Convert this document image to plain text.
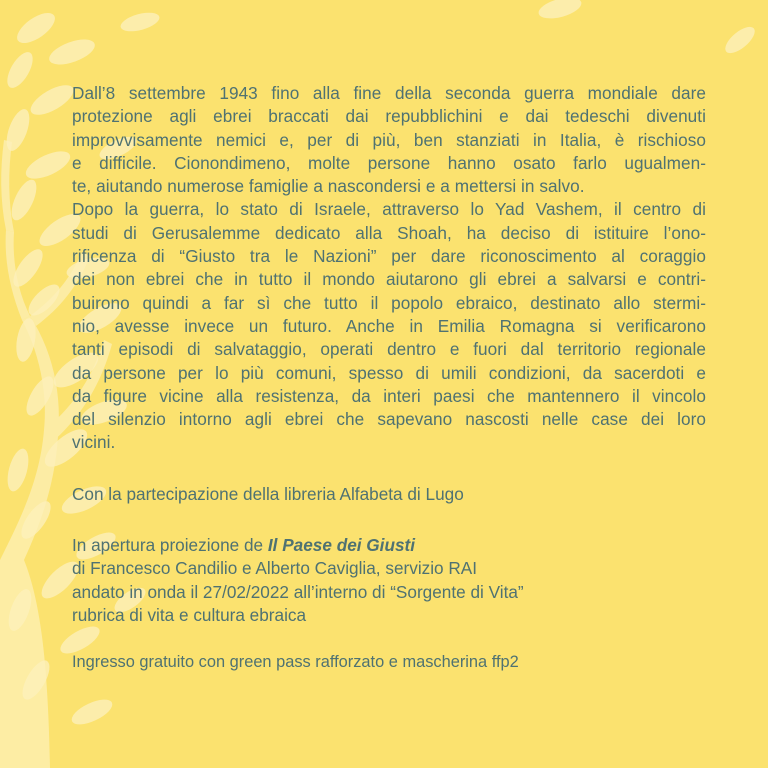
Dall’8 settembre 1943 fino alla fine della seconda guerra mondiale dare
protezione agli ebrei braccati dai repubblichini e dai tedeschi divenuti
improvvisamente nemici e, per di più, ben stanziati in Italia, è rischioso
e difficile. Cionondimeno, molte persone hanno osato farlo ugualmen-
te, aiutando numerose famiglie a nascondersi e a mettersi in salvo.
Dopo la guerra, lo stato di Israele, attraverso lo Yad Vashem, il centro di
studi di Gerusalemme dedicato alla Shoah, ha deciso di istituire l’ono-
rificenza di “Giusto tra le Nazioni” per dare riconoscimento al coraggio
dei non ebrei che in tutto il mondo aiutarono gli ebrei a salvarsi e contri-
buirono quindi a far sì che tutto il popolo ebraico, destinato allo stermi-
nio, avesse invece un futuro. Anche in Emilia Romagna si verificarono
tanti episodi di salvataggio, operati dentro e fuori dal territorio regionale
da persone per lo più comuni, spesso di umili condizioni, da sacerdoti e
da figure vicine alla resistenza, da interi paesi che mantennero il vincolo
del silenzio intorno agli ebrei che sapevano nascosti nelle case dei loro
vicini.

Con la partecipazione della libreria Alfabeta di Lugo

In apertura proiezione de Il Paese dei Giusti
di Francesco Candilio e Alberto Caviglia, servizio RAI
andato in onda il 27/02/2022 all’interno di “Sorgente di Vita”
rubrica di vita e cultura ebraica

Ingresso gratuito con green pass rafforzato e mascherina ffp2
